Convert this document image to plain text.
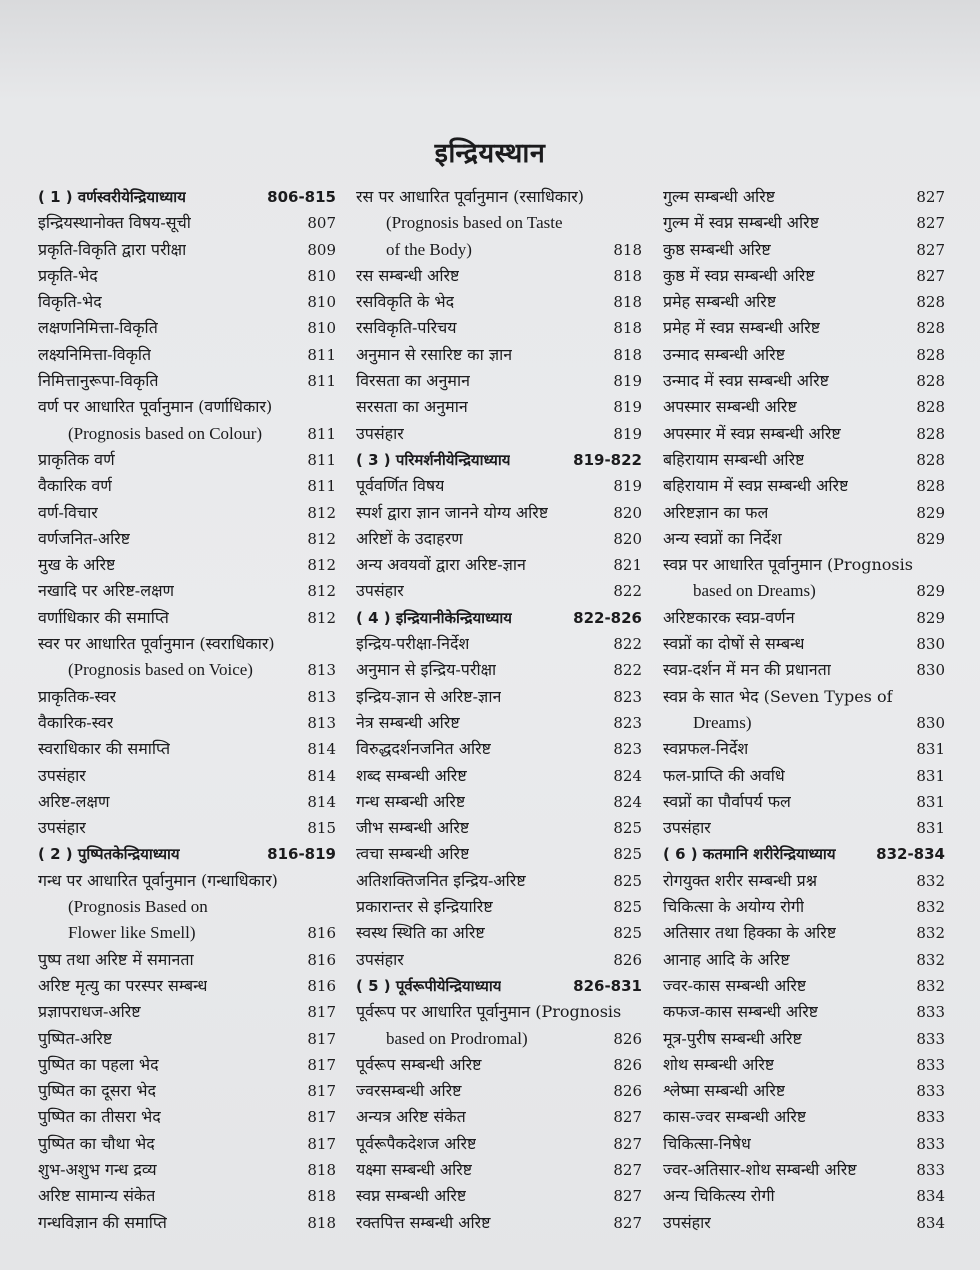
इन्द्रियस्थान
( 1 ) वर्णस्वरीयेन्द्रियाध्याय	806-815
इन्द्रियस्थानोक्त विषय-सूची	807
प्रकृति-विकृति द्वारा परीक्षा	809
प्रकृति-भेद	810
विकृति-भेद	810
लक्षणनिमित्ता-विकृति	810
लक्ष्यनिमित्ता-विकृति	811
निमित्तानुरूपा-विकृति	811
वर्ण पर आधारित पूर्वानुमान (वर्णाधिकार)
(Prognosis based on Colour)	811
प्राकृतिक वर्ण	811
वैकारिक वर्ण	811
वर्ण-विचार	812
वर्णजनित-अरिष्ट	812
मुख के अरिष्ट	812
नखादि पर अरिष्ट-लक्षण	812
वर्णाधिकार की समाप्ति	812
स्वर पर आधारित पूर्वानुमान (स्वराधिकार)
(Prognosis based on Voice)	813
प्राकृतिक-स्वर	813
वैकारिक-स्वर	813
स्वराधिकार की समाप्ति	814
उपसंहार	814
अरिष्ट-लक्षण	814
उपसंहार	815
( 2 ) पुष्पितकेन्द्रियाध्याय	816-819
गन्ध पर आधारित पूर्वानुमान (गन्धाधिकार)
(Prognosis Based on
Flower like Smell)	816
पुष्प तथा अरिष्ट में समानता	816
अरिष्ट मृत्यु का परस्पर सम्बन्ध	816
प्रज्ञापराधज-अरिष्ट	817
पुष्पित-अरिष्ट	817
पुष्पित का पहला भेद	817
पुष्पित का दूसरा भेद	817
पुष्पित का तीसरा भेद	817
पुष्पित का चौथा भेद	817
शुभ-अशुभ गन्ध द्रव्य	818
अरिष्ट सामान्य संकेत	818
गन्धविज्ञान की समाप्ति	818
रस पर आधारित पूर्वानुमान (रसाधिकार)
(Prognosis based on Taste
of the Body)	818
रस सम्बन्धी अरिष्ट	818
रसविकृति के भेद	818
रसविकृति-परिचय	818
अनुमान से रसारिष्ट का ज्ञान	818
विरसता का अनुमान	819
सरसता का अनुमान	819
उपसंहार	819
( 3 ) परिमर्शनीयेन्द्रियाध्याय	819-822
पूर्ववर्णित विषय	819
स्पर्श द्वारा ज्ञान जानने योग्य अरिष्ट	820
अरिष्टों के उदाहरण	820
अन्य अवयवों द्वारा अरिष्ट-ज्ञान	821
उपसंहार	822
( 4 ) इन्द्रियानीकेन्द्रियाध्याय	822-826
इन्द्रिय-परीक्षा-निर्देश	822
अनुमान से इन्द्रिय-परीक्षा	822
इन्द्रिय-ज्ञान से अरिष्ट-ज्ञान	823
नेत्र सम्बन्धी अरिष्ट	823
विरुद्धदर्शनजनित अरिष्ट	823
शब्द सम्बन्धी अरिष्ट	824
गन्ध सम्बन्धी अरिष्ट	824
जीभ सम्बन्धी अरिष्ट	825
त्वचा सम्बन्धी अरिष्ट	825
अतिशक्तिजनित इन्द्रिय-अरिष्ट	825
प्रकारान्तर से इन्द्रियारिष्ट	825
स्वस्थ स्थिति का अरिष्ट	825
उपसंहार	826
( 5 ) पूर्वरूपीयेन्द्रियाध्याय	826-831
पूर्वरूप पर आधारित पूर्वानुमान (Prognosis
based on Prodromal)	826
पूर्वरूप सम्बन्धी अरिष्ट	826
ज्वरसम्बन्धी अरिष्ट	826
अन्यत्र अरिष्ट संकेत	827
पूर्वरूपैकदेशज अरिष्ट	827
यक्ष्मा सम्बन्धी अरिष्ट	827
स्वप्न सम्बन्धी अरिष्ट	827
रक्तपित्त सम्बन्धी अरिष्ट	827
गुल्म सम्बन्धी अरिष्ट	827
गुल्म में स्वप्न सम्बन्धी अरिष्ट	827
कुष्ठ सम्बन्धी अरिष्ट	827
कुष्ठ में स्वप्न सम्बन्धी अरिष्ट	827
प्रमेह सम्बन्धी अरिष्ट	828
प्रमेह में स्वप्न सम्बन्धी अरिष्ट	828
उन्माद सम्बन्धी अरिष्ट	828
उन्माद में स्वप्न सम्बन्धी अरिष्ट	828
अपस्मार सम्बन्धी अरिष्ट	828
अपस्मार में स्वप्न सम्बन्धी अरिष्ट	828
बहिरायाम सम्बन्धी अरिष्ट	828
बहिरायाम में स्वप्न सम्बन्धी अरिष्ट	828
अरिष्टज्ञान का फल	829
अन्य स्वप्नों का निर्देश	829
स्वप्न पर आधारित पूर्वानुमान (Prognosis
based on Dreams)	829
अरिष्टकारक स्वप्न-वर्णन	829
स्वप्नों का दोषों से सम्बन्ध	830
स्वप्न-दर्शन में मन की प्रधानता	830
स्वप्न के सात भेद (Seven Types of
Dreams)	830
स्वप्नफल-निर्देश	831
फल-प्राप्ति की अवधि	831
स्वप्नों का पौर्वापर्य फल	831
उपसंहार	831
( 6 ) कतमानि शरीरेन्द्रियाध्याय	832-834
रोगयुक्त शरीर सम्बन्धी प्रश्न	832
चिकित्सा के अयोग्य रोगी	832
अतिसार तथा हिक्का के अरिष्ट	832
आनाह आदि के अरिष्ट	832
ज्वर-कास सम्बन्धी अरिष्ट	832
कफज-कास सम्बन्धी अरिष्ट	833
मूत्र-पुरीष सम्बन्धी अरिष्ट	833
शोथ सम्बन्धी अरिष्ट	833
श्लेष्मा सम्बन्धी अरिष्ट	833
कास-ज्वर सम्बन्धी अरिष्ट	833
चिकित्सा-निषेध	833
ज्वर-अतिसार-शोथ सम्बन्धी अरिष्ट	833
अन्य चिकित्स्य रोगी	834
उपसंहार	834
